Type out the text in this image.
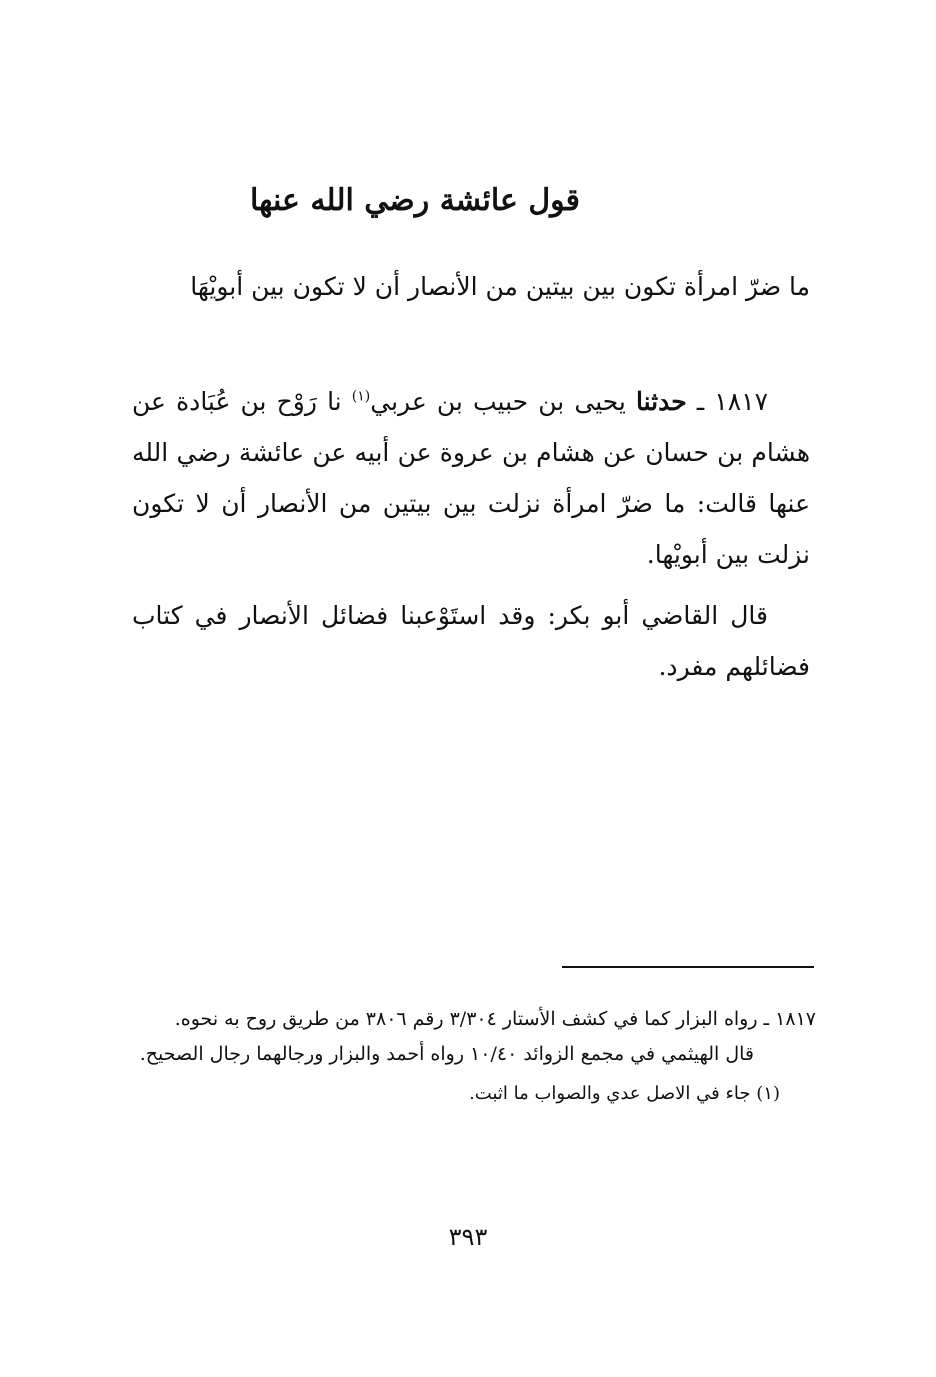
قول عائشة رضي الله عنها
ما ضرّ امرأة تكون بين بيتين من الأنصار أن لا تكون بين أبويْهَا

١٨١٧ ـ حدثنا يحيى بن حبيب بن عربي$^{(١)}$ نا رَوْح بن عُبَادة عن هشام بن حسان عن هشام بن عروة عن أبيه عن عائشة رضي الله عنها قالت: ما ضرّ امرأة نزلت بين بيتين من الأنصار أن لا تكون نزلت بين أبويْها.

قال القاضي أبو بكر: وقد استَوْعبنا فضائل الأنصار في كتاب فضائلهم مفرد.

١٨١٧ ـ رواه البزار كما في كشف الأستار ٣/٣٠٤ رقم ٣٨٠٦ من طريق روح به نحوه.

قال الهيثمي في مجمع الزوائد ١٠/٤٠ رواه أحمد والبزار ورجالهما رجال الصحيح.

(١) جاء في الاصل عدي والصواب ما اثبت.

٣٩٣
